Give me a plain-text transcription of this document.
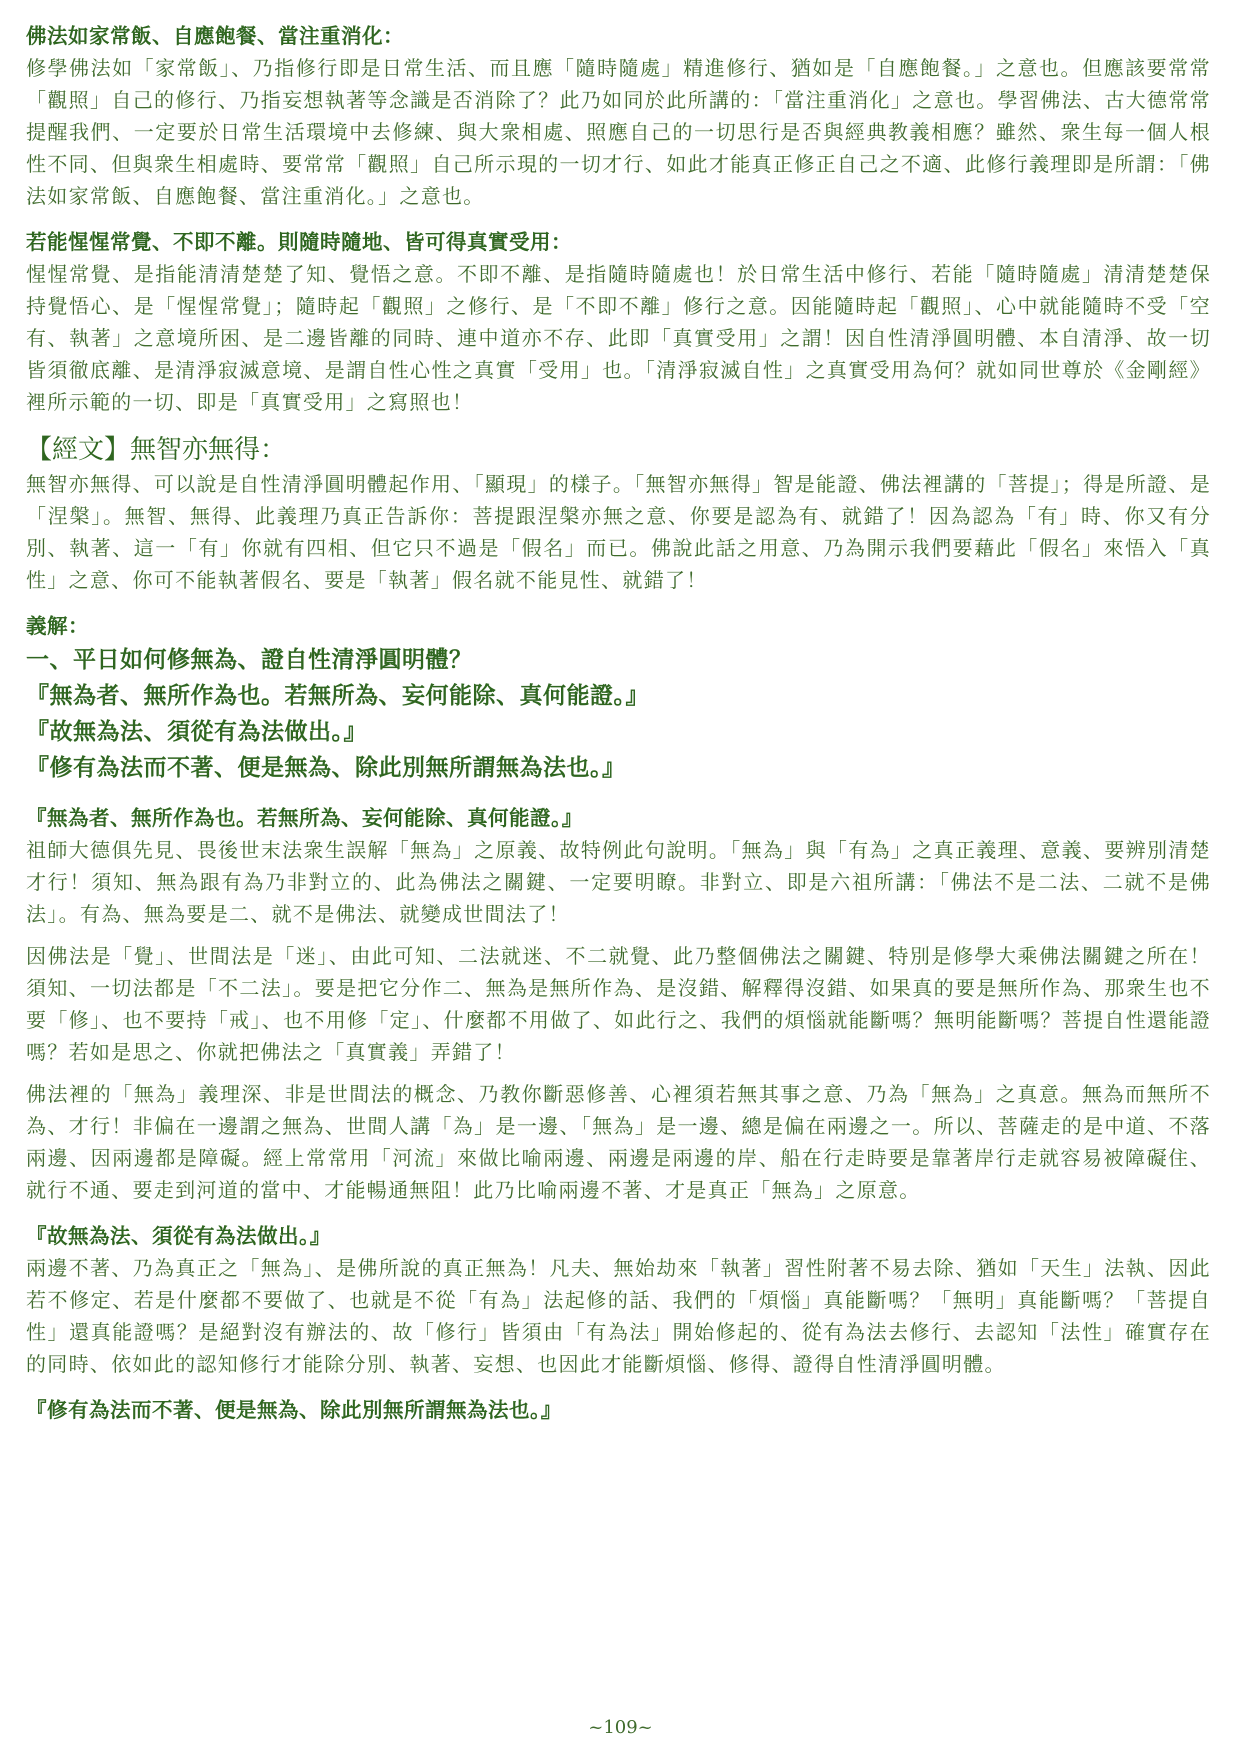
佛法如家常飯、自應飽餐、當注重消化：

修學佛法如「家常飯」、乃指修行即是日常生活、而且應「隨時隨處」精進修行、猶如是「自應飽餐。」之意也。但應該要常常「觀照」自己的修行、乃指妄想執著等念識是否消除了？此乃如同於此所講的：「當注重消化」之意也。學習佛法、古大德常常提醒我們、一定要於日常生活環境中去修練、與大衆相處、照應自己的一切思行是否與經典教義相應？雖然、衆生每一個人根性不同、但與衆生相處時、要常常「觀照」自己所示現的一切才行、如此才能真正修正自己之不適、此修行義理即是所謂：「佛法如家常飯、自應飽餐、當注重消化。」之意也。

若能惺惺常覺、不即不離。則隨時隨地、皆可得真實受用：

惺惺常覺、是指能清清楚楚了知、覺悟之意。不即不離、是指隨時隨處也！於日常生活中修行、若能「隨時隨處」清清楚楚保持覺悟心、是「惺惺常覺」；隨時起「觀照」之修行、是「不即不離」修行之意。因能隨時起「觀照」、心中就能隨時不受「空有、執著」之意境所困、是二邊皆離的同時、連中道亦不存、此即「真實受用」之謂！因自性清淨圓明體、本自清淨、故一切皆須徹底離、是清淨寂滅意境、是謂自性心性之真實「受用」也。「清淨寂滅自性」之真實受用為何？就如同世尊於《金剛經》裡所示範的一切、即是「真實受用」之寫照也！

【經文】無智亦無得：

無智亦無得、可以說是自性清淨圓明體起作用、「顯現」的樣子。「無智亦無得」智是能證、佛法裡講的「菩提」；得是所證、是「涅槃」。無智、無得、此義理乃真正告訴你：菩提跟涅槃亦無之意、你要是認為有、就錯了！因為認為「有」時、你又有分別、執著、這一「有」你就有四相、但它只不過是「假名」而已。佛說此話之用意、乃為開示我們要藉此「假名」來悟入「真性」之意、你可不能執著假名、要是「執著」假名就不能見性、就錯了！

義解：
一、平日如何修無為、證自性清淨圓明體？
『無為者、無所作為也。若無所為、妄何能除、真何能證。』
『故無為法、須從有為法做出。』
『修有為法而不著、便是無為、除此別無所謂無為法也。』
『無為者、無所作為也。若無所為、妄何能除、真何能證。』

祖師大德俱先見、畏後世末法衆生誤解「無為」之原義、故特例此句說明。「無為」與「有為」之真正義理、意義、要辨別清楚才行！須知、無為跟有為乃非對立的、此為佛法之關鍵、一定要明瞭。非對立、即是六祖所講：「佛法不是二法、二就不是佛法」。有為、無為要是二、就不是佛法、就變成世間法了！

因佛法是「覺」、世間法是「迷」、由此可知、二法就迷、不二就覺、此乃整個佛法之關鍵、特別是修學大乘佛法關鍵之所在！須知、一切法都是「不二法」。要是把它分作二、無為是無所作為、是沒錯、解釋得沒錯、如果真的要是無所作為、那衆生也不要「修」、也不要持「戒」、也不用修「定」、什麼都不用做了、如此行之、我們的煩惱就能斷嗎？無明能斷嗎？菩提自性還能證嗎？若如是思之、你就把佛法之「真實義」弄錯了！

佛法裡的「無為」義理深、非是世間法的概念、乃教你斷惡修善、心裡須若無其事之意、乃為「無為」之真意。無為而無所不為、才行！非偏在一邊謂之無為、世間人講「為」是一邊、「無為」是一邊、總是偏在兩邊之一。所以、菩薩走的是中道、不落兩邊、因兩邊都是障礙。經上常常用「河流」來做比喻兩邊、兩邊是兩邊的岸、船在行走時要是靠著岸行走就容易被障礙住、就行不通、要走到河道的當中、才能暢通無阻！此乃比喻兩邊不著、才是真正「無為」之原意。

『故無為法、須從有為法做出。』

兩邊不著、乃為真正之「無為」、是佛所說的真正無為！凡夫、無始劫來「執著」習性附著不易去除、猶如「天生」法執、因此若不修定、若是什麼都不要做了、也就是不從「有為」法起修的話、我們的「煩惱」真能斷嗎？「無明」真能斷嗎？「菩提自性」還真能證嗎？是絕對沒有辦法的、故「修行」皆須由「有為法」開始修起的、從有為法去修行、去認知「法性」確實存在的同時、依如此的認知修行才能除分別、執著、妄想、也因此才能斷煩惱、修得、證得自性清淨圓明體。

『修有為法而不著、便是無為、除此別無所謂無為法也。』
~109~
